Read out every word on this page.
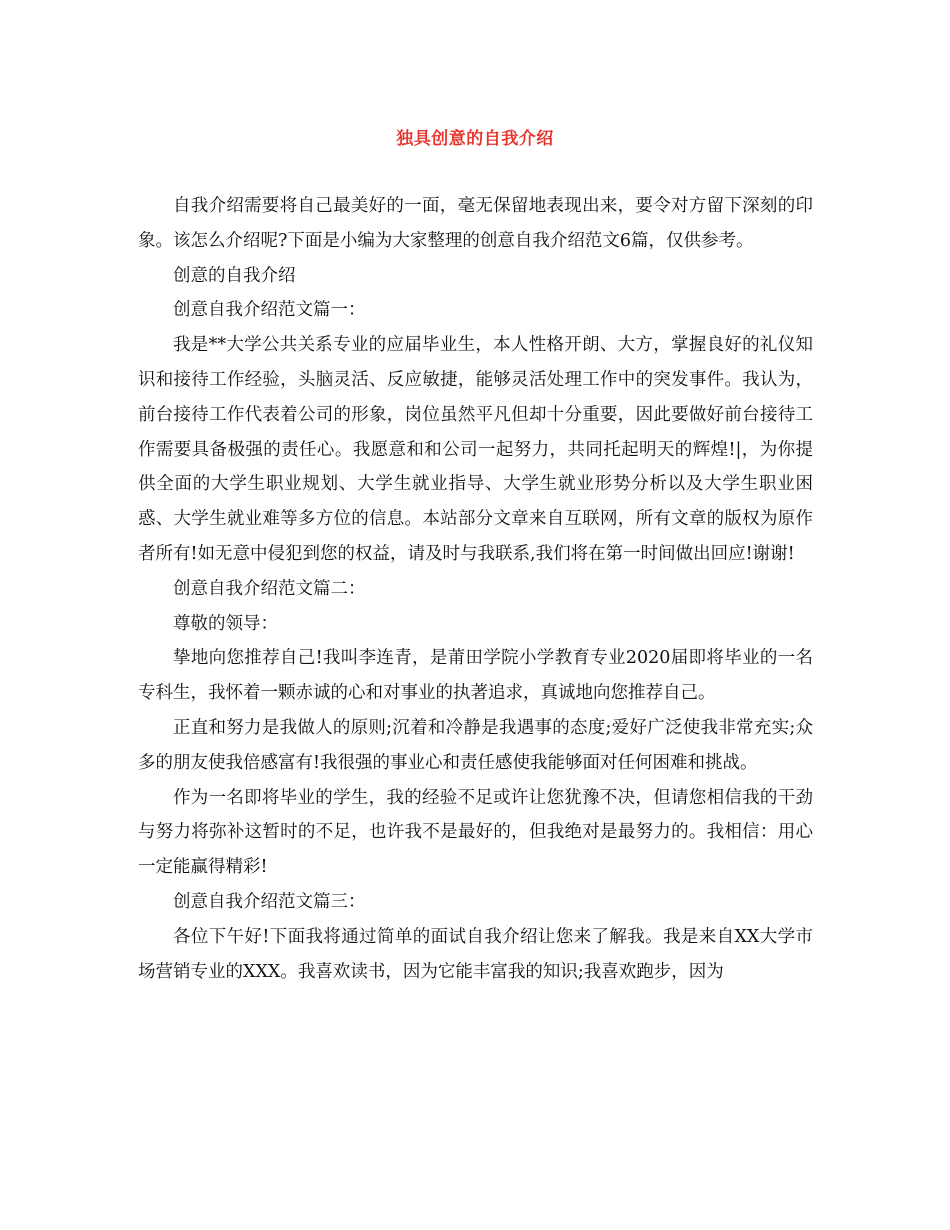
独具创意的自我介绍

自我介绍需要将自己最美好的一面，毫无保留地表现出来，要令对方留下深刻的印象。该怎么介绍呢?下面是小编为大家整理的创意自我介绍范文6篇，仅供参考。

创意的自我介绍

创意自我介绍范文篇一：

我是**大学公共关系专业的应届毕业生，本人性格开朗、大方，掌握良好的礼仪知识和接待工作经验，头脑灵活、反应敏捷，能够灵活处理工作中的突发事件。我认为，前台接待工作代表着公司的形象，岗位虽然平凡但却十分重要，因此要做好前台接待工作需要具备极强的责任心。我愿意和和公司一起努力，共同托起明天的辉煌!|，为你提供全面的大学生职业规划、大学生就业指导、大学生就业形势分析以及大学生职业困惑、大学生就业难等多方位的信息。本站部分文章来自互联网，所有文章的版权为原作者所有!如无意中侵犯到您的权益，请及时与我联系,我们将在第一时间做出回应!谢谢!

创意自我介绍范文篇二：

尊敬的领导：

挚地向您推荐自己!我叫李连青，是莆田学院小学教育专业2020届即将毕业的一名专科生，我怀着一颗赤诚的心和对事业的执著追求，真诚地向您推荐自己。

正直和努力是我做人的原则;沉着和冷静是我遇事的态度;爱好广泛使我非常充实;众多的朋友使我倍感富有!我很强的事业心和责任感使我能够面对任何困难和挑战。

作为一名即将毕业的学生，我的经验不足或许让您犹豫不决，但请您相信我的干劲与努力将弥补这暂时的不足，也许我不是最好的，但我绝对是最努力的。我相信：用心一定能赢得精彩!

创意自我介绍范文篇三：

各位下午好!下面我将通过简单的面试自我介绍让您来了解我。我是来自XX大学市场营销专业的XXX。我喜欢读书，因为它能丰富我的知识;我喜欢跑步，因为
